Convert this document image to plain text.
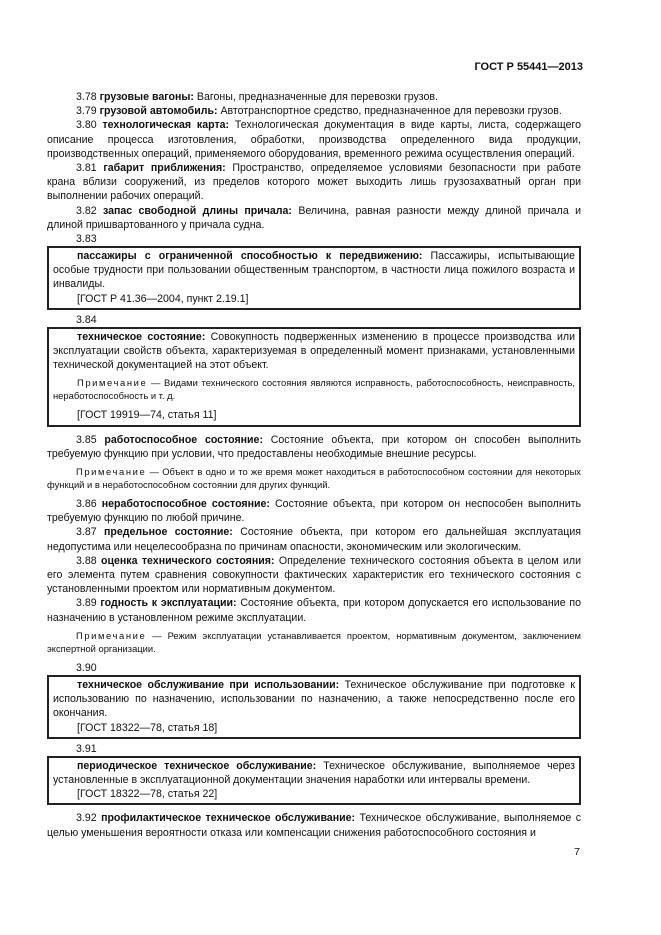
ГОСТ Р 55441—2013
3.78 грузовые вагоны: Вагоны, предназначенные для перевозки грузов.
3.79 грузовой автомобиль: Автотранспортное средство, предназначенное для перевозки грузов.
3.80 технологическая карта: Технологическая документация в виде карты, листа, содержащего описание процесса изготовления, обработки, производства определенного вида продукции, производственных операций, применяемого оборудования, временного режима осуществления операций.
3.81 габарит приближения: Пространство, определяемое условиями безопасности при работе крана вблизи сооружений, из пределов которого может выходить лишь грузозахватный орган при выполнении рабочих операций.
3.82 запас свободной длины причала: Величина, равная разности между длиной причала и длиной пришвартованного у причала судна.
3.83
пассажиры с ограниченной способностью к передвижению: Пассажиры, испытывающие особые трудности при пользовании общественным транспортом, в частности лица пожилого возраста и инвалиды.
[ГОСТ Р 41.36—2004, пункт 2.19.1]
3.84
техническое состояние: Совокупность подверженных изменению в процессе производства или эксплуатации свойств объекта, характеризуемая в определенный момент признаками, установленными технической документацией на этот объект.
Примечание — Видами технического состояния являются исправность, работоспособность, неисправность, неработоспособность и т. д.
[ГОСТ 19919—74, статья 11]
3.85 работоспособное состояние: Состояние объекта, при котором он способен выполнить требуемую функцию при условии, что предоставлены необходимые внешние ресурсы.
Примечание — Объект в одно и то же время может находиться в работоспособном состоянии для некоторых функций и в неработоспособном состоянии для других функций.
3.86 неработоспособное состояние: Состояние объекта, при котором он неспособен выполнить требуемую функцию по любой причине.
3.87 предельное состояние: Состояние объекта, при котором его дальнейшая эксплуатация недопустима или нецелесообразна по причинам опасности, экономическим или экологическим.
3.88 оценка технического состояния: Определение технического состояния объекта в целом или его элемента путем сравнения совокупности фактических характеристик его технического состояния с установленными проектом или нормативным документом.
3.89 годность к эксплуатации: Состояние объекта, при котором допускается его использование по назначению в установленном режиме эксплуатации.
Примечание — Режим эксплуатации устанавливается проектом, нормативным документом, заключением экспертной организации.
3.90
техническое обслуживание при использовании: Техническое обслуживание при подготовке к использованию по назначению, использовании по назначению, а также непосредственно после его окончания.
[ГОСТ 18322—78, статья 18]
3.91
периодическое техническое обслуживание: Техническое обслуживание, выполняемое через установленные в эксплуатационной документации значения наработки или интервалы времени.
[ГОСТ 18322—78, статья 22]
3.92 профилактическое техническое обслуживание: Техническое обслуживание, выполняемое с целью уменьшения вероятности отказа или компенсации снижения работоспособного состояния и
7
